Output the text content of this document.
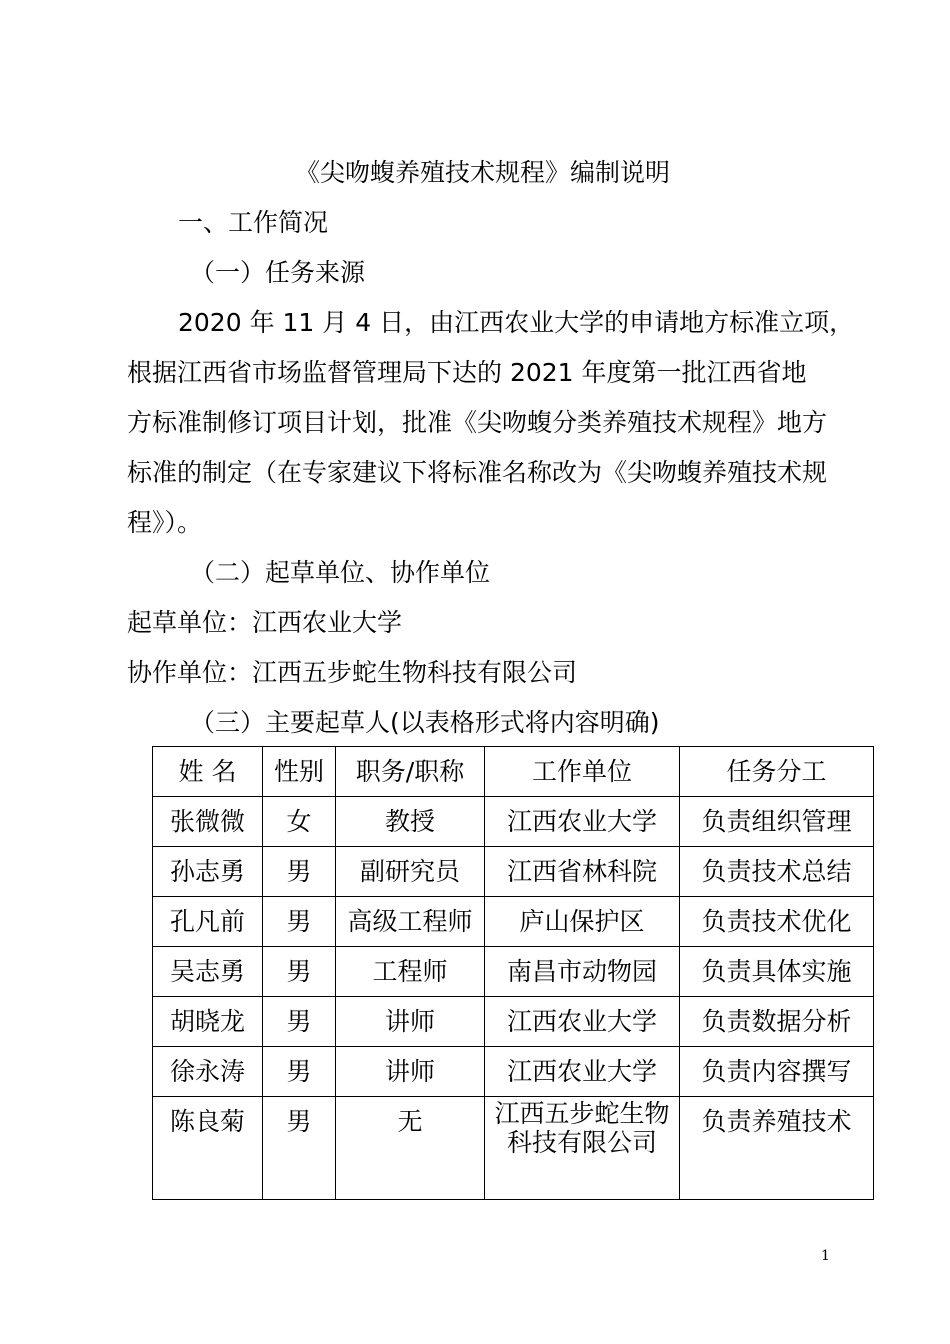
《尖吻蝮养殖技术规程》编制说明
一、工作简况
（一）任务来源
2020 年 11 月 4 日，由江西农业大学的申请地方标准立项，
根据江西省市场监督管理局下达的 2021 年度第一批江西省地
方标准制修订项目计划，批准《尖吻蝮分类养殖技术规程》地方
标准的制定（在专家建议下将标准名称改为《尖吻蝮养殖技术规
程》）。
（二）起草单位、协作单位
起草单位：江西农业大学
协作单位：江西五步蛇生物科技有限公司
（三）主要起草人(以表格形式将内容明确)
姓 名	性别	职务/职称	工作单位	任务分工
张微微	女	教授	江西农业大学	负责组织管理
孙志勇	男	副研究员	江西省林科院	负责技术总结
孔凡前	男	高级工程师	庐山保护区	负责技术优化
吴志勇	男	工程师	南昌市动物园	负责具体实施
胡晓龙	男	讲师	江西农业大学	负责数据分析
徐永涛	男	讲师	江西农业大学	负责内容撰写
陈良菊	男	无	江西五步蛇生物科技有限公司	负责养殖技术
1
